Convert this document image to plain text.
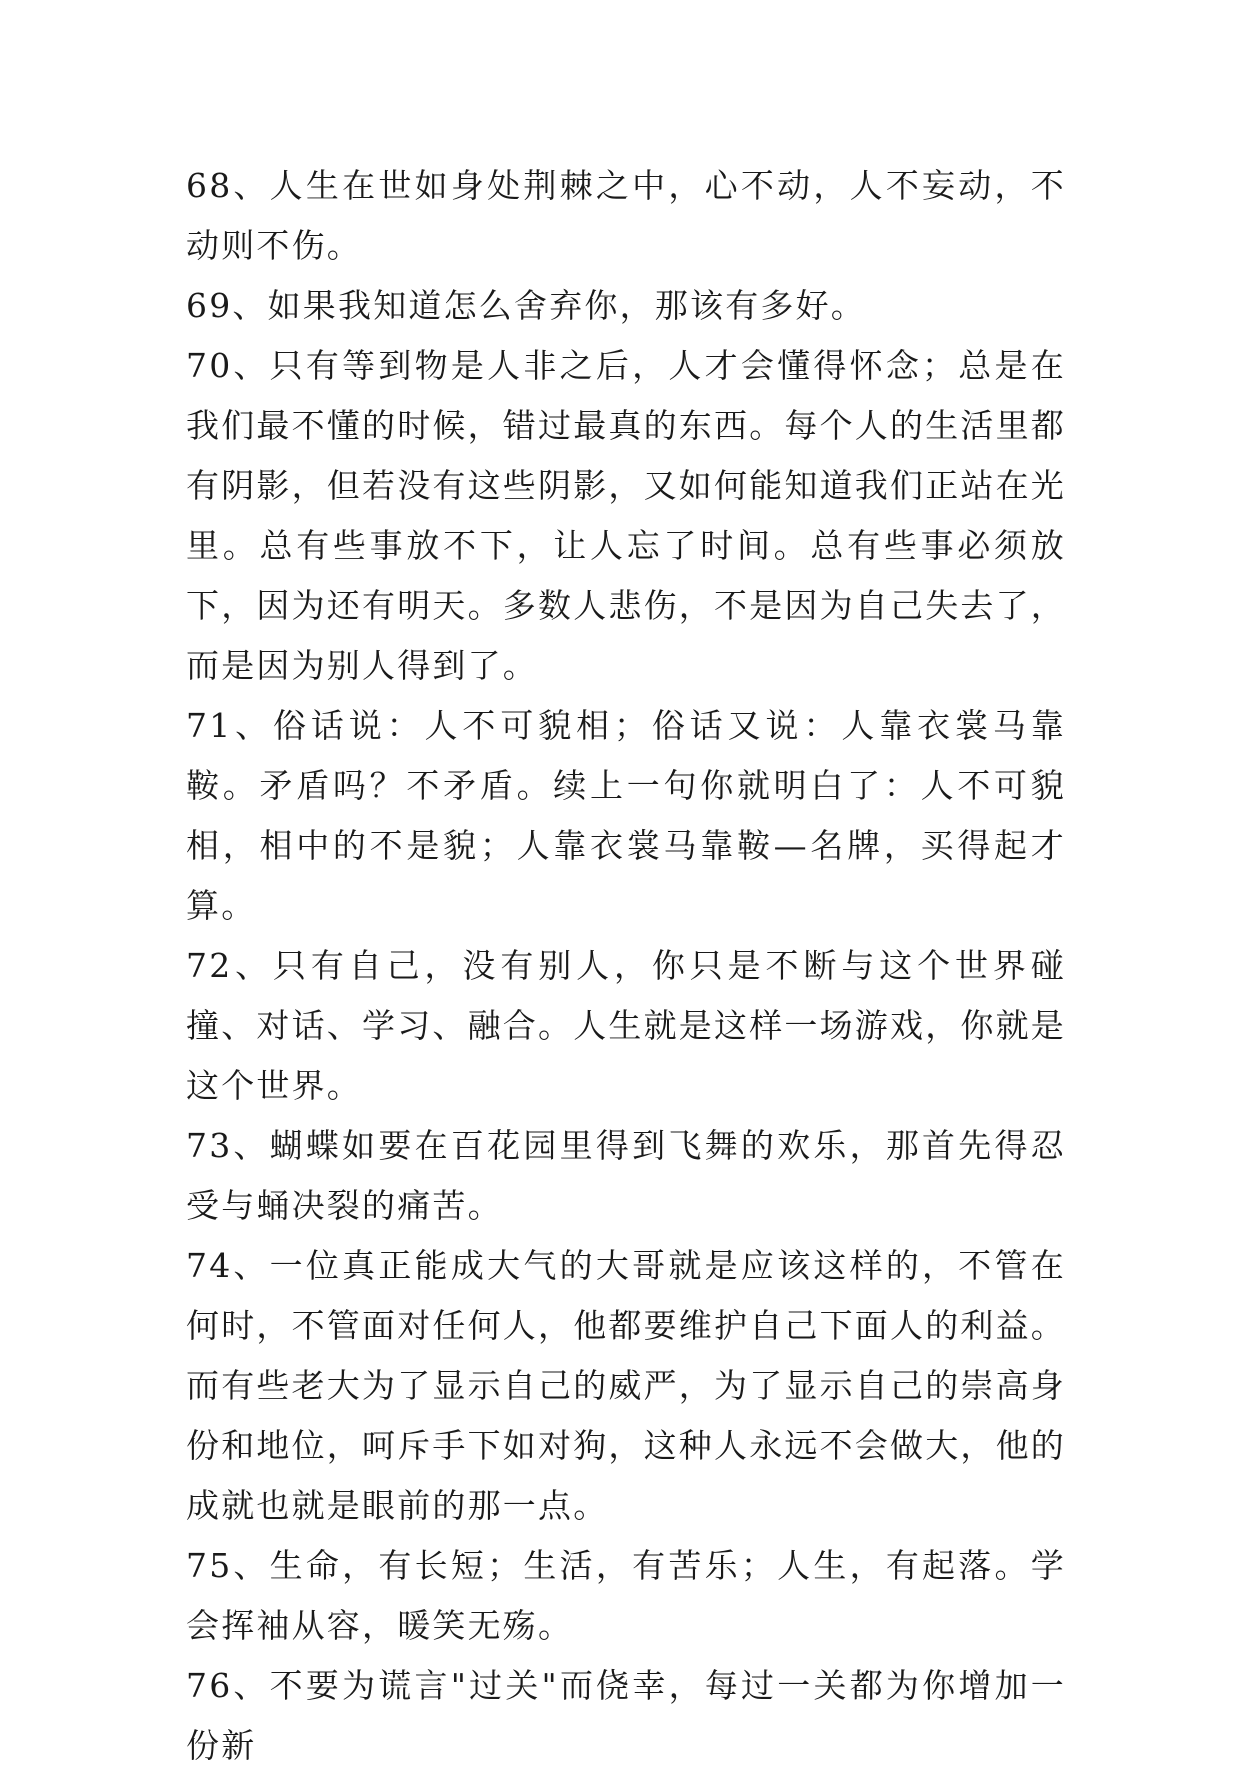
68、人生在世如身处荆棘之中，心不动，人不妄动，不动则不伤。

69、如果我知道怎么舍弃你，那该有多好。

70、只有等到物是人非之后，人才会懂得怀念；总是在我们最不懂的时候，错过最真的东西。每个人的生活里都有阴影，但若没有这些阴影，又如何能知道我们正站在光里。总有些事放不下，让人忘了时间。总有些事必须放下，因为还有明天。多数人悲伤，不是因为自己失去了，而是因为别人得到了。

71、俗话说：人不可貌相；俗话又说：人靠衣裳马靠鞍。矛盾吗？不矛盾。续上一句你就明白了：人不可貌相，相中的不是貌；人靠衣裳马靠鞍—名牌，买得起才算。

72、只有自己，没有别人，你只是不断与这个世界碰撞、对话、学习、融合。人生就是这样一场游戏，你就是这个世界。

73、蝴蝶如要在百花园里得到飞舞的欢乐，那首先得忍受与蛹决裂的痛苦。

74、一位真正能成大气的大哥就是应该这样的，不管在何时，不管面对任何人，他都要维护自己下面人的利益。而有些老大为了显示自己的威严，为了显示自己的崇高身份和地位，呵斥手下如对狗，这种人永远不会做大，他的成就也就是眼前的那一点。

75、生命，有长短；生活，有苦乐；人生，有起落。学会挥袖从容，暖笑无殇。

76、不要为谎言"过关"而侥幸，每过一关都为你增加一份新
